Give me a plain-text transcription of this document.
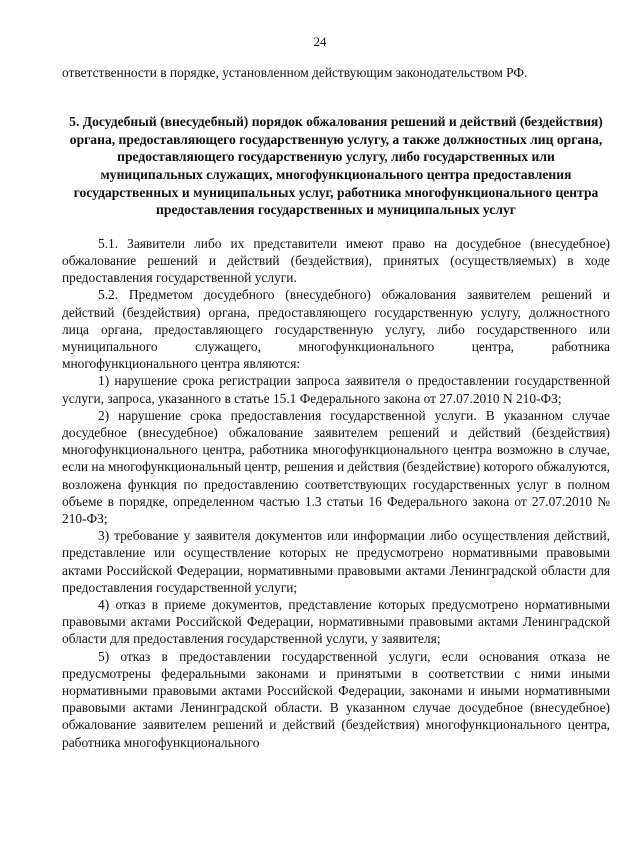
24

ответственности в порядке, установленном действующим законодательством РФ.

5. Досудебный (внесудебный) порядок обжалования решений и действий (бездействия) органа, предоставляющего государственную услугу, а также должностных лиц органа, предоставляющего государственную услугу, либо государственных или муниципальных служащих, многофункционального центра предоставления государственных и муниципальных услуг, работника многофункционального центра предоставления государственных и муниципальных услуг

5.1. Заявители либо их представители имеют право на досудебное (внесудебное) обжалование решений и действий (бездействия), принятых (осуществляемых) в ходе предоставления государственной услуги.

5.2. Предметом досудебного (внесудебного) обжалования заявителем решений и действий (бездействия) органа, предоставляющего государственную услугу, должностного лица органа, предоставляющего государственную услугу, либо государственного или муниципального служащего, многофункционального центра, работника многофункционального центра являются:

1) нарушение срока регистрации запроса заявителя о предоставлении государственной услуги, запроса, указанного в статье 15.1 Федерального закона от 27.07.2010 N 210-ФЗ;

2) нарушение срока предоставления государственной услуги. В указанном случае досудебное (внесудебное) обжалование заявителем решений и действий (бездействия) многофункционального центра, работника многофункционального центра возможно в случае, если на многофункциональный центр, решения и действия (бездействие) которого обжалуются, возложена функция по предоставлению соответствующих государственных услуг в полном объеме в порядке, определенном частью 1.3 статьи 16 Федерального закона от 27.07.2010 № 210-ФЗ;

3) требование у заявителя документов или информации либо осуществления действий, представление или осуществление которых не предусмотрено нормативными правовыми актами Российской Федерации, нормативными правовыми актами Ленинградской области для предоставления государственной услуги;

4) отказ в приеме документов, представление которых предусмотрено нормативными правовыми актами Российской Федерации, нормативными правовыми актами Ленинградской области для предоставления государственной услуги, у заявителя;

5) отказ в предоставлении государственной услуги, если основания отказа не предусмотрены федеральными законами и принятыми в соответствии с ними иными нормативными правовыми актами Российской Федерации, законами и иными нормативными правовыми актами Ленинградской области. В указанном случае досудебное (внесудебное) обжалование заявителем решений и действий (бездействия) многофункционального центра, работника многофункционального
